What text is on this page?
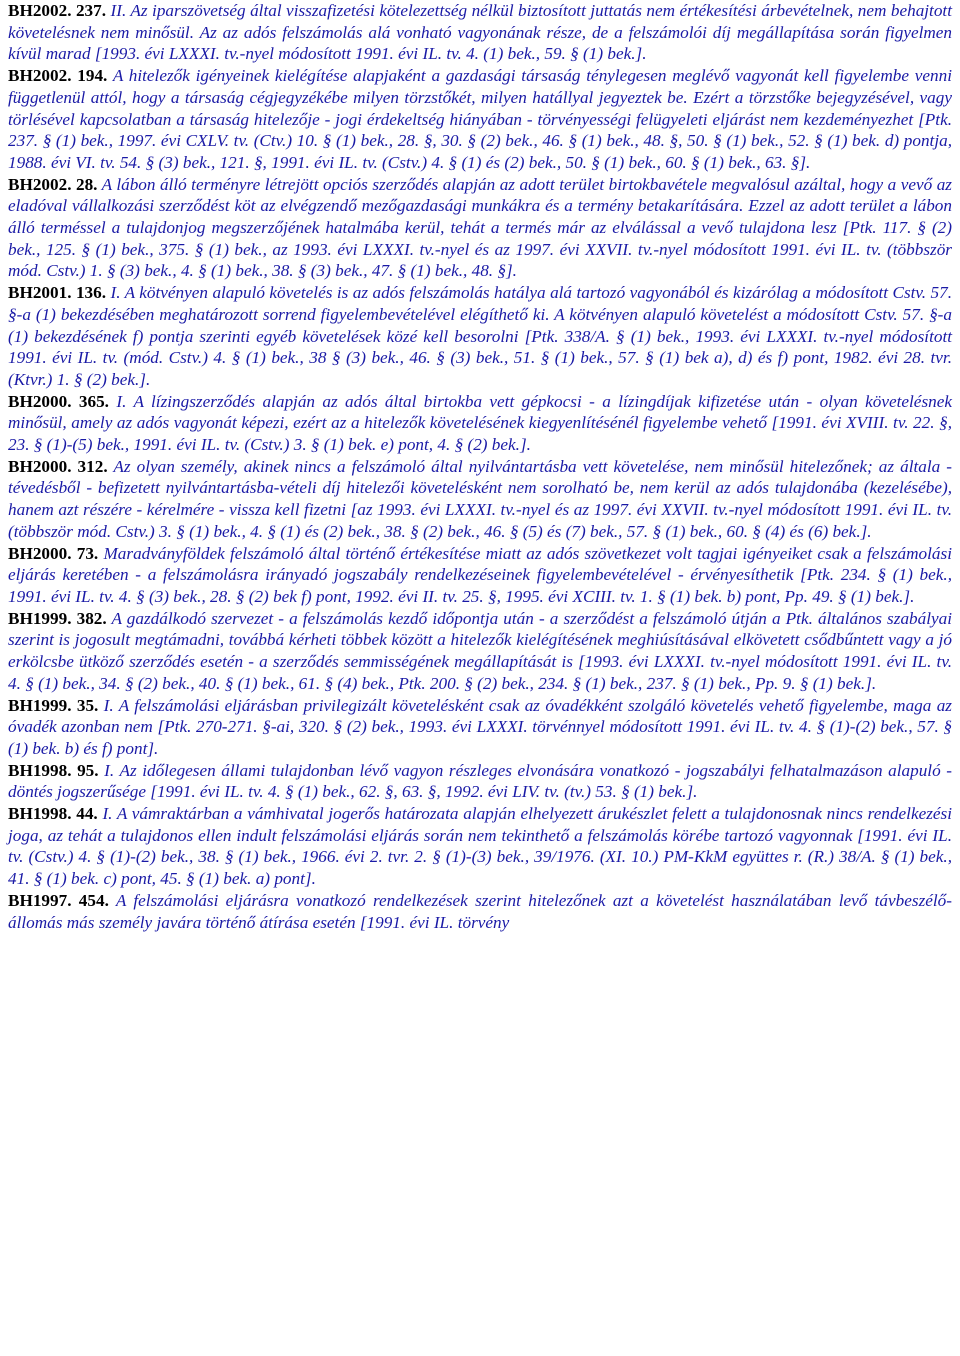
BH2002. 237. II. Az iparszövetség által visszafizetési kötelezettség nélkül biztosított juttatás nem értékesítési árbevételnek, nem behajtott követelésnek nem minősül. Az az adós felszámolás alá vonható vagyonának része, de a felszámolói díj megállapítása során figyelmen kívül marad [1993. évi LXXXI. tv.-nyel módosított 1991. évi IL. tv. 4. (1) bek., 59. § (1) bek.].

BH2002. 194. A hitelezők igényeinek kielégítése alapjaként a gazdasági társaság ténylegesen meglévő vagyonát kell figyelembe venni függetlenül attól, hogy a társaság cégjegyzékébe milyen törzstőkét, milyen hatállyal jegyeztek be. Ezért a törzstőke bejegyzésével, vagy törlésével kapcsolatban a társaság hitelezője - jogi érdekeltség hiányában - törvényességi felügyeleti eljárást nem kezdeményezhet [Ptk. 237. § (1) bek., 1997. évi CXLV. tv. (Ctv.) 10. § (1) bek., 28. §, 30. § (2) bek., 46. § (1) bek., 48. §, 50. § (1) bek., 52. § (1) bek. d) pontja, 1988. évi VI. tv. 54. § (3) bek., 121. §, 1991. évi IL. tv. (Cstv.) 4. § (1) és (2) bek., 50. § (1) bek., 60. § (1) bek., 63. §].

BH2002. 28. A lábon álló terményre létrejött opciós szerződés alapján az adott terület birtokbavétele megvalósul azáltal, hogy a vevő az eladóval vállalkozási szerződést köt az elvégzendő mezőgazdasági munkákra és a termény betakarítására. Ezzel az adott terület a lábon álló terméssel a tulajdonjog megszerzőjének hatalmába kerül, tehát a termés már az elválással a vevő tulajdona lesz [Ptk. 117. § (2) bek., 125. § (1) bek., 375. § (1) bek., az 1993. évi LXXXI. tv.-nyel és az 1997. évi XXVII. tv.-nyel módosított 1991. évi IL. tv. (többször mód. Cstv.) 1. § (3) bek., 4. § (1) bek., 38. § (3) bek., 47. § (1) bek., 48. §].

BH2001. 136. I. A kötvényen alapuló követelés is az adós felszámolás hatálya alá tartozó vagyonából és kizárólag a módosított Cstv. 57. §-a (1) bekezdésében meghatározott sorrend figyelembevételével elégíthető ki. A kötvényen alapuló követelést a módosított Cstv. 57. §-a (1) bekezdésének f) pontja szerinti egyéb követelések közé kell besorolni [Ptk. 338/A. § (1) bek., 1993. évi LXXXI. tv.-nyel módosított 1991. évi IL. tv. (mód. Cstv.) 4. § (1) bek., 38 § (3) bek., 46. § (3) bek., 51. § (1) bek., 57. § (1) bek a), d) és f) pont, 1982. évi 28. tvr. (Ktvr.) 1. § (2) bek.].

BH2000. 365. I. A lízingszerződés alapján az adós által birtokba vett gépkocsi - a lízingdíjak kifizetése után - olyan követelésnek minősül, amely az adós vagyonát képezi, ezért az a hitelezők követelésének kiegyenlítésénél figyelembe vehető [1991. évi XVIII. tv. 22. §, 23. § (1)-(5) bek., 1991. évi IL. tv. (Cstv.) 3. § (1) bek. e) pont, 4. § (2) bek.].

BH2000. 312. Az olyan személy, akinek nincs a felszámoló által nyilvántartásba vett követelése, nem minősül hitelezőnek; az általa - tévedésből - befizetett nyilvántartásba-vételi díj hitelezői követelésként nem sorolható be, nem kerül az adós tulajdonába (kezelésébe), hanem azt részére - kérelmére - vissza kell fizetni [az 1993. évi LXXXI. tv.-nyel és az 1997. évi XXVII. tv.-nyel módosított 1991. évi IL. tv. (többször mód. Cstv.) 3. § (1) bek., 4. § (1) és (2) bek., 38. § (2) bek., 46. § (5) és (7) bek., 57. § (1) bek., 60. § (4) és (6) bek.].

BH2000. 73. Maradványföldek felszámoló által történő értékesítése miatt az adós szövetkezet volt tagjai igényeiket csak a felszámolási eljárás keretében - a felszámolásra irányadó jogszabály rendelkezéseinek figyelembevételével - érvényesíthetik [Ptk. 234. § (1) bek., 1991. évi IL. tv. 4. § (3) bek., 28. § (2) bek f) pont, 1992. évi II. tv. 25. §, 1995. évi XCIII. tv. 1. § (1) bek. b) pont, Pp. 49. § (1) bek.].

BH1999. 382. A gazdálkodó szervezet - a felszámolás kezdő időpontja után - a szerződést a felszámoló útján a Ptk. általános szabályai szerint is jogosult megtámadni, továbbá kérheti többek között a hitelezők kielégítésének meghiúsításával elkövetett csődbűntett vagy a jó erkölcsbe ütköző szerződés esetén - a szerződés semmisségének megállapítását is [1993. évi LXXXI. tv.-nyel módosított 1991. évi IL. tv. 4. § (1) bek., 34. § (2) bek., 40. § (1) bek., 61. § (4) bek., Ptk. 200. § (2) bek., 234. § (1) bek., 237. § (1) bek., Pp. 9. § (1) bek.].

BH1999. 35. I. A felszámolási eljárásban privilegizált követelésként csak az óvadékként szolgáló követelés vehető figyelembe, maga az óvadék azonban nem [Ptk. 270-271. §-ai, 320. § (2) bek., 1993. évi LXXXI. törvénnyel módosított 1991. évi IL. tv. 4. § (1)-(2) bek., 57. § (1) bek. b) és f) pont].

BH1998. 95. I. Az időlegesen állami tulajdonban lévő vagyon részleges elvonására vonatkozó - jogszabályi felhatalmazáson alapuló - döntés jogszerűsége [1991. évi IL. tv. 4. § (1) bek., 62. §, 63. §, 1992. évi LIV. tv. (tv.) 53. § (1) bek.].

BH1998. 44. I. A vámraktárban a vámhivatal jogerős határozata alapján elhelyezett árukészlet felett a tulajdonosnak nincs rendelkezési joga, az tehát a tulajdonos ellen indult felszámolási eljárás során nem tekinthető a felszámolás körébe tartozó vagyonnak [1991. évi IL. tv. (Cstv.) 4. § (1)-(2) bek., 38. § (1) bek., 1966. évi 2. tvr. 2. § (1)-(3) bek., 39/1976. (XI. 10.) PM-KkM együttes r. (R.) 38/A. § (1) bek., 41. § (1) bek. c) pont, 45. § (1) bek. a) pont].

BH1997. 454. A felszámolási eljárásra vonatkozó rendelkezések szerint hitelezőnek azt a követelést használatában levő távbeszélő-állomás más személy javára történő átírása esetén [1991. évi IL. törvény
